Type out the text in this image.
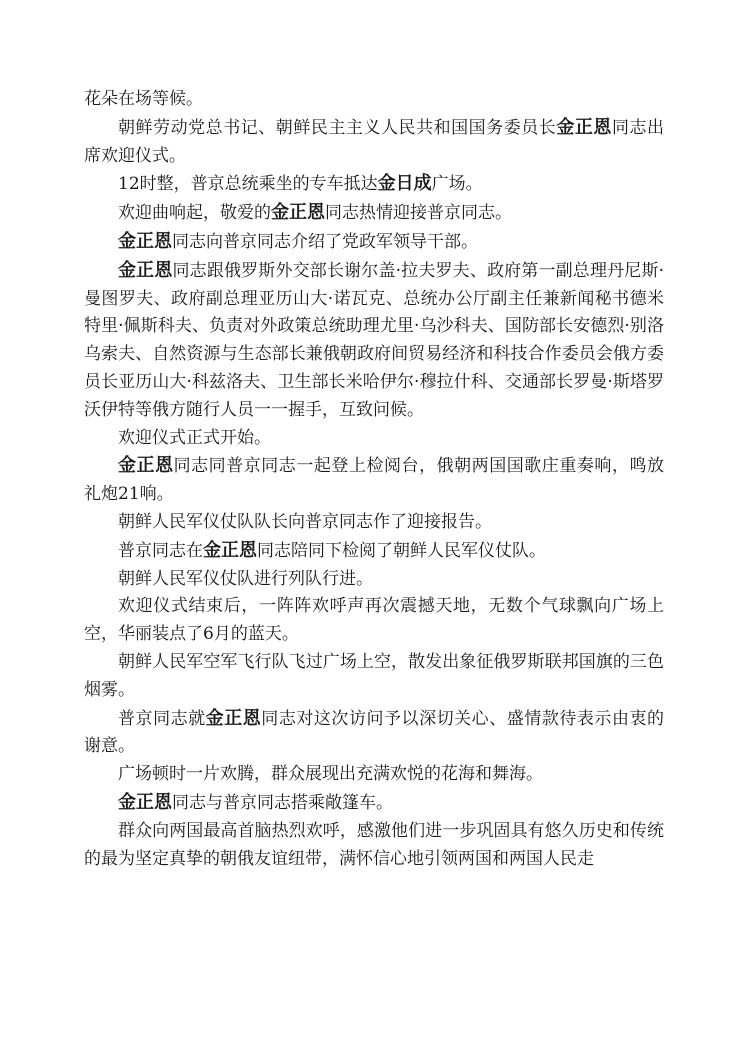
花朵在场等候。

朝鲜劳动党总书记、朝鲜民主主义人民共和国国务委员长金正恩同志出席欢迎仪式。

12时整，普京总统乘坐的专车抵达金日成广场。

欢迎曲响起，敬爱的金正恩同志热情迎接普京同志。

金正恩同志向普京同志介绍了党政军领导干部。

金正恩同志跟俄罗斯外交部长谢尔盖·拉夫罗夫、政府第一副总理丹尼斯·曼图罗夫、政府副总理亚历山大·诺瓦克、总统办公厅副主任兼新闻秘书德米特里·佩斯科夫、负责对外政策总统助理尤里·乌沙科夫、国防部长安德烈·别洛乌索夫、自然资源与生态部长兼俄朝政府间贸易经济和科技合作委员会俄方委员长亚历山大·科兹洛夫、卫生部长米哈伊尔·穆拉什科、交通部长罗曼·斯塔罗沃伊特等俄方随行人员一一握手，互致问候。

欢迎仪式正式开始。

金正恩同志同普京同志一起登上检阅台，俄朝两国国歌庄重奏响，鸣放礼炮21响。

朝鲜人民军仪仗队队长向普京同志作了迎接报告。

普京同志在金正恩同志陪同下检阅了朝鲜人民军仪仗队。

朝鲜人民军仪仗队进行列队行进。

欢迎仪式结束后，一阵阵欢呼声再次震撼天地，无数个气球飘向广场上空，华丽装点了6月的蓝天。

朝鲜人民军空军飞行队飞过广场上空，散发出象征俄罗斯联邦国旗的三色烟雾。

普京同志就金正恩同志对这次访问予以深切关心、盛情款待表示由衷的谢意。

广场顿时一片欢腾，群众展现出充满欢悦的花海和舞海。

金正恩同志与普京同志搭乘敞篷车。

群众向两国最高首脑热烈欢呼，感激他们进一步巩固具有悠久历史和传统的最为坚定真挚的朝俄友谊纽带，满怀信心地引领两国和两国人民走
